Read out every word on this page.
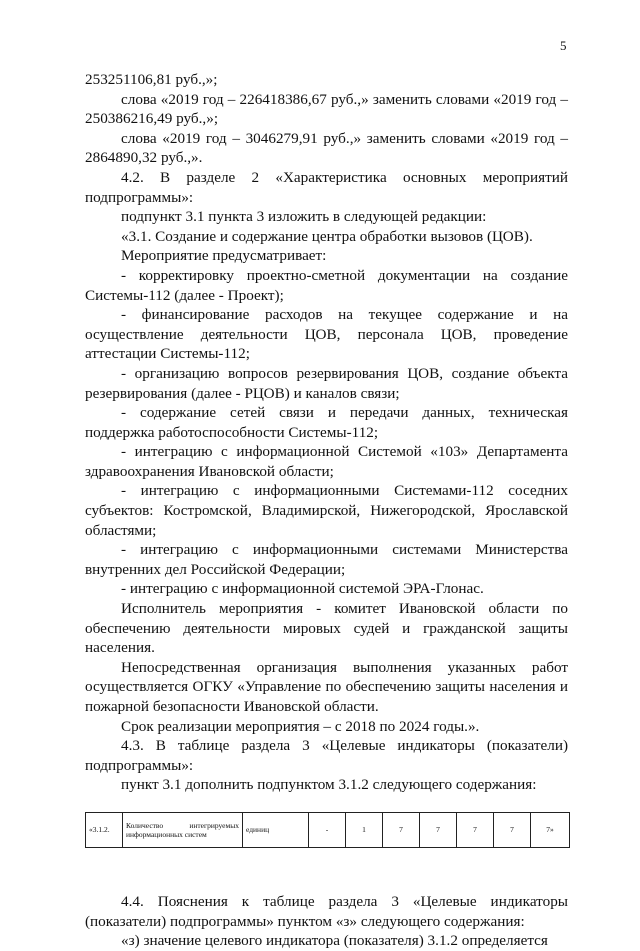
5

253251106,81 руб.,»;

слова «2019 год – 226418386,67 руб.,» заменить словами «2019 год – 250386216,49 руб.,»;

слова «2019 год – 3046279,91 руб.,» заменить словами «2019 год – 2864890,32 руб.,».

4.2. В разделе 2 «Характеристика основных мероприятий подпрограммы»:

подпункт 3.1 пункта 3 изложить в следующей редакции:

«3.1. Создание и содержание центра обработки вызовов (ЦОВ).

Мероприятие предусматривает:

- корректировку проектно-сметной документации на создание Системы-112 (далее - Проект);

- финансирование расходов на текущее содержание и на осуществление деятельности ЦОВ, персонала ЦОВ, проведение аттестации Системы-112;

- организацию вопросов резервирования ЦОВ, создание объекта резервирования (далее - РЦОВ) и каналов связи;

- содержание сетей связи и передачи данных, техническая поддержка работоспособности Системы-112;

- интеграцию с информационной Системой «103» Департамента здравоохранения Ивановской области;

- интеграцию с информационными Системами-112 соседних субъектов: Костромской, Владимирской, Нижегородской, Ярославской областями;

- интеграцию с информационными системами Министерства внутренних дел Российской Федерации;

- интеграцию с информационной системой ЭРА-Глонас.

Исполнитель мероприятия - комитет Ивановской области по обеспечению деятельности мировых судей и гражданской защиты населения.

Непосредственная организация выполнения указанных работ осуществляется ОГКУ «Управление по обеспечению защиты населения и пожарной безопасности Ивановской области.

Срок реализации мероприятия – с 2018 по 2024 годы.».

4.3. В таблице раздела 3 «Целевые индикаторы (показатели) подпрограммы»:

пункт 3.1 дополнить подпунктом 3.1.2 следующего содержания:

«3.1.2.	Количество интегрируемых информационных систем	единиц	-	1	7	7	7	7	7»

4.4. Пояснения к таблице раздела 3 «Целевые индикаторы (показатели) подпрограммы» пунктом «з» следующего содержания:

«з) значение целевого индикатора (показателя) 3.1.2 определяется
